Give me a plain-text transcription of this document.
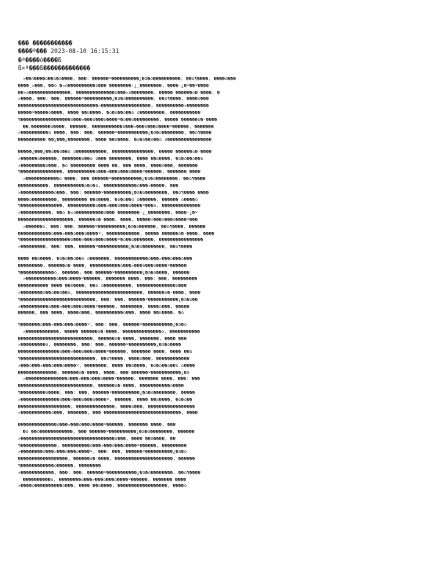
��� �����������
����ª��� 2023-08-10 16:15:31
�ª����ó����ß
ß×ª���ß�������������
»��ñ����ó��ò�â����, ���: ������º����������¿�ã�ó����������, ��ô¶����, ����ó���
����_»���, ��ô �¤ò����������ò��� ��������·¿_��������, ����·¿�º��º����
��»ó���������������, ��������������ò���»ò��������, ����� ������ó�·����, �
»����, ���: ���, ������º����������¿�ã�ó����������, ��ô¶����, ����ó���
�����������������������������»������������������, ����������»��������
�����º�����ó����, ���� ��ß����, �ó�ó��ó��ó ó���������, �����������
¶������������������ò���»���ò���ó����º�ó��ó���������, ����� ������ó�·����
��,�������ò����, ������, �����������ò���»���ò���ó����º������, �������
»����������ò ����, ���: ���, ������º�����������¿�ã�ó��������, ��ô¶����
���������� ��¿���¿��������, ���� ��ß����, �ó�ó��ó��ó ó����������������
�����¿���¿��ó��ó��ó ó�����������, ���������������, ����� ������ó�·����
»������ò������, �������ó��ó ó��� ��������, ���� ��ß����, �ó�ó��ó��ó
»���������ò���, �ó ��������� ���� ��, ��� ����, ����ó���, �������
¶���������������, ����������ò���»���ò���ó����º������, ������� ����
»������������ò ����, ��� ������º�����������¿�ã�ó��������, ��ô¶����
�����������, �����������ó�ó�ó, ������������ò���»�����, ���
»������������ò���, ���: ������º����������¿�ã�ó��������, ��ô¶���� ����
����ó���������, ��������� ��ß����, �ó�ó��ó ó������, ������ ó����ò
¶���������������, ����������ò���»���ò���ó����º���ó, ��������������
»�����������, ��ô �¤ò����������ò��� ��������·¿_��������, ����·¿�º
��������������������, ������ó�·����, ����, �����»���ò���ó����º���
»������ò, ���: ���, ������º����������¿�ã�ó������, ��ô¶����, ������
������������ò���»���ò���ó����º, ������������, ����� ������ó�·����, ����
¶������������������ò���»���ò���ó����º�ó��ó�������, ����������������
»���������, ���: ���, ������º�����������¿�ã�ó��������, ��ô¶����
���� ��ß����, �ó�ó��ó��ó ó�������, ������������ò���»���ò���ó���
���������, ������ó�·����, �����������ò���»���ò���ó����º������
¶������������ò, ������, ��� ������º����������¿�ã�ó����, ������
»�����������ò���ó����º������, ������� ����, ���: ���, ���������
����������� ���� ��ß����, ��ó ó����������, ��������������ò���
»��������ò��ó��ó��ó, ������������������������, ������ó�·����, ����
¶���������������������������, ���: ���, ������º�����������¿�ã�ó��
»����������ò���»���ò���ó����º������, ��������, ����ó���, �����
������, ��� ����, ����ó���, ����������ò���, ���� ��ß����, �ó
¶�������ò���»���ò���ó����º, ���: ���, ������º�����������¿�ã�ó
»������������, ����� ������ó�·����, ��������������ò, �����������
���������������������������, ������ó�·����, �������, ���� ���
»���������ò, ��������, ���: ���, ������º����������¿�ã�ó����
���������������ò���»���ò���ó����º������, ������� ����, ���� ��ß
¶���������������������������, ��ô¶����, ����ó���, ������������
»���ò���»���ò���ó����º, ��������, ���� ��ß����, �ó�ó��ó��ó ó����
��������������, ������ó�·����, ����, ��� ������º�����������¿�ã
»���������������ò���»���ò���ó����º������, ������� ����, ���: ���
���������������������������, ������ó�·����, �����������ò����
¶���������ò����, ���: ���, ������º����������¿�ã�ó��������, �����
»��������������ò���»���ò���ó����º, ������, ���� ��ß����, �ó�ó��
�������������������, ��������������, ����ó���, �����������������
»�����������ò���, �������, ��� ����������������������������, ����
��������������ò���»���ò���ó����º������, ������� ����, ���
�ó ��ó������������, ��� ������º����������¿�ã�ó��������, ������
»����������������������������������ò���, ���� ��ß����, ��
¶�������������, ����������ò���»���ò���ó����º������, ���������
»��������ò���»���ò���ó����º, ���: ���, ������º����������¿�ã�ó
������������������, ������ó�·����, ���������������������, ������
¶������������ò������, ��������
»������������, ���: ���, ������º�����������¿�ã�ó��������, ��ô¶����
����������ó, ��������ò���»���ò���ó����º������, ������� ����
»����ò����������ò���, ���� ��ß����, ������������������, ����ó
